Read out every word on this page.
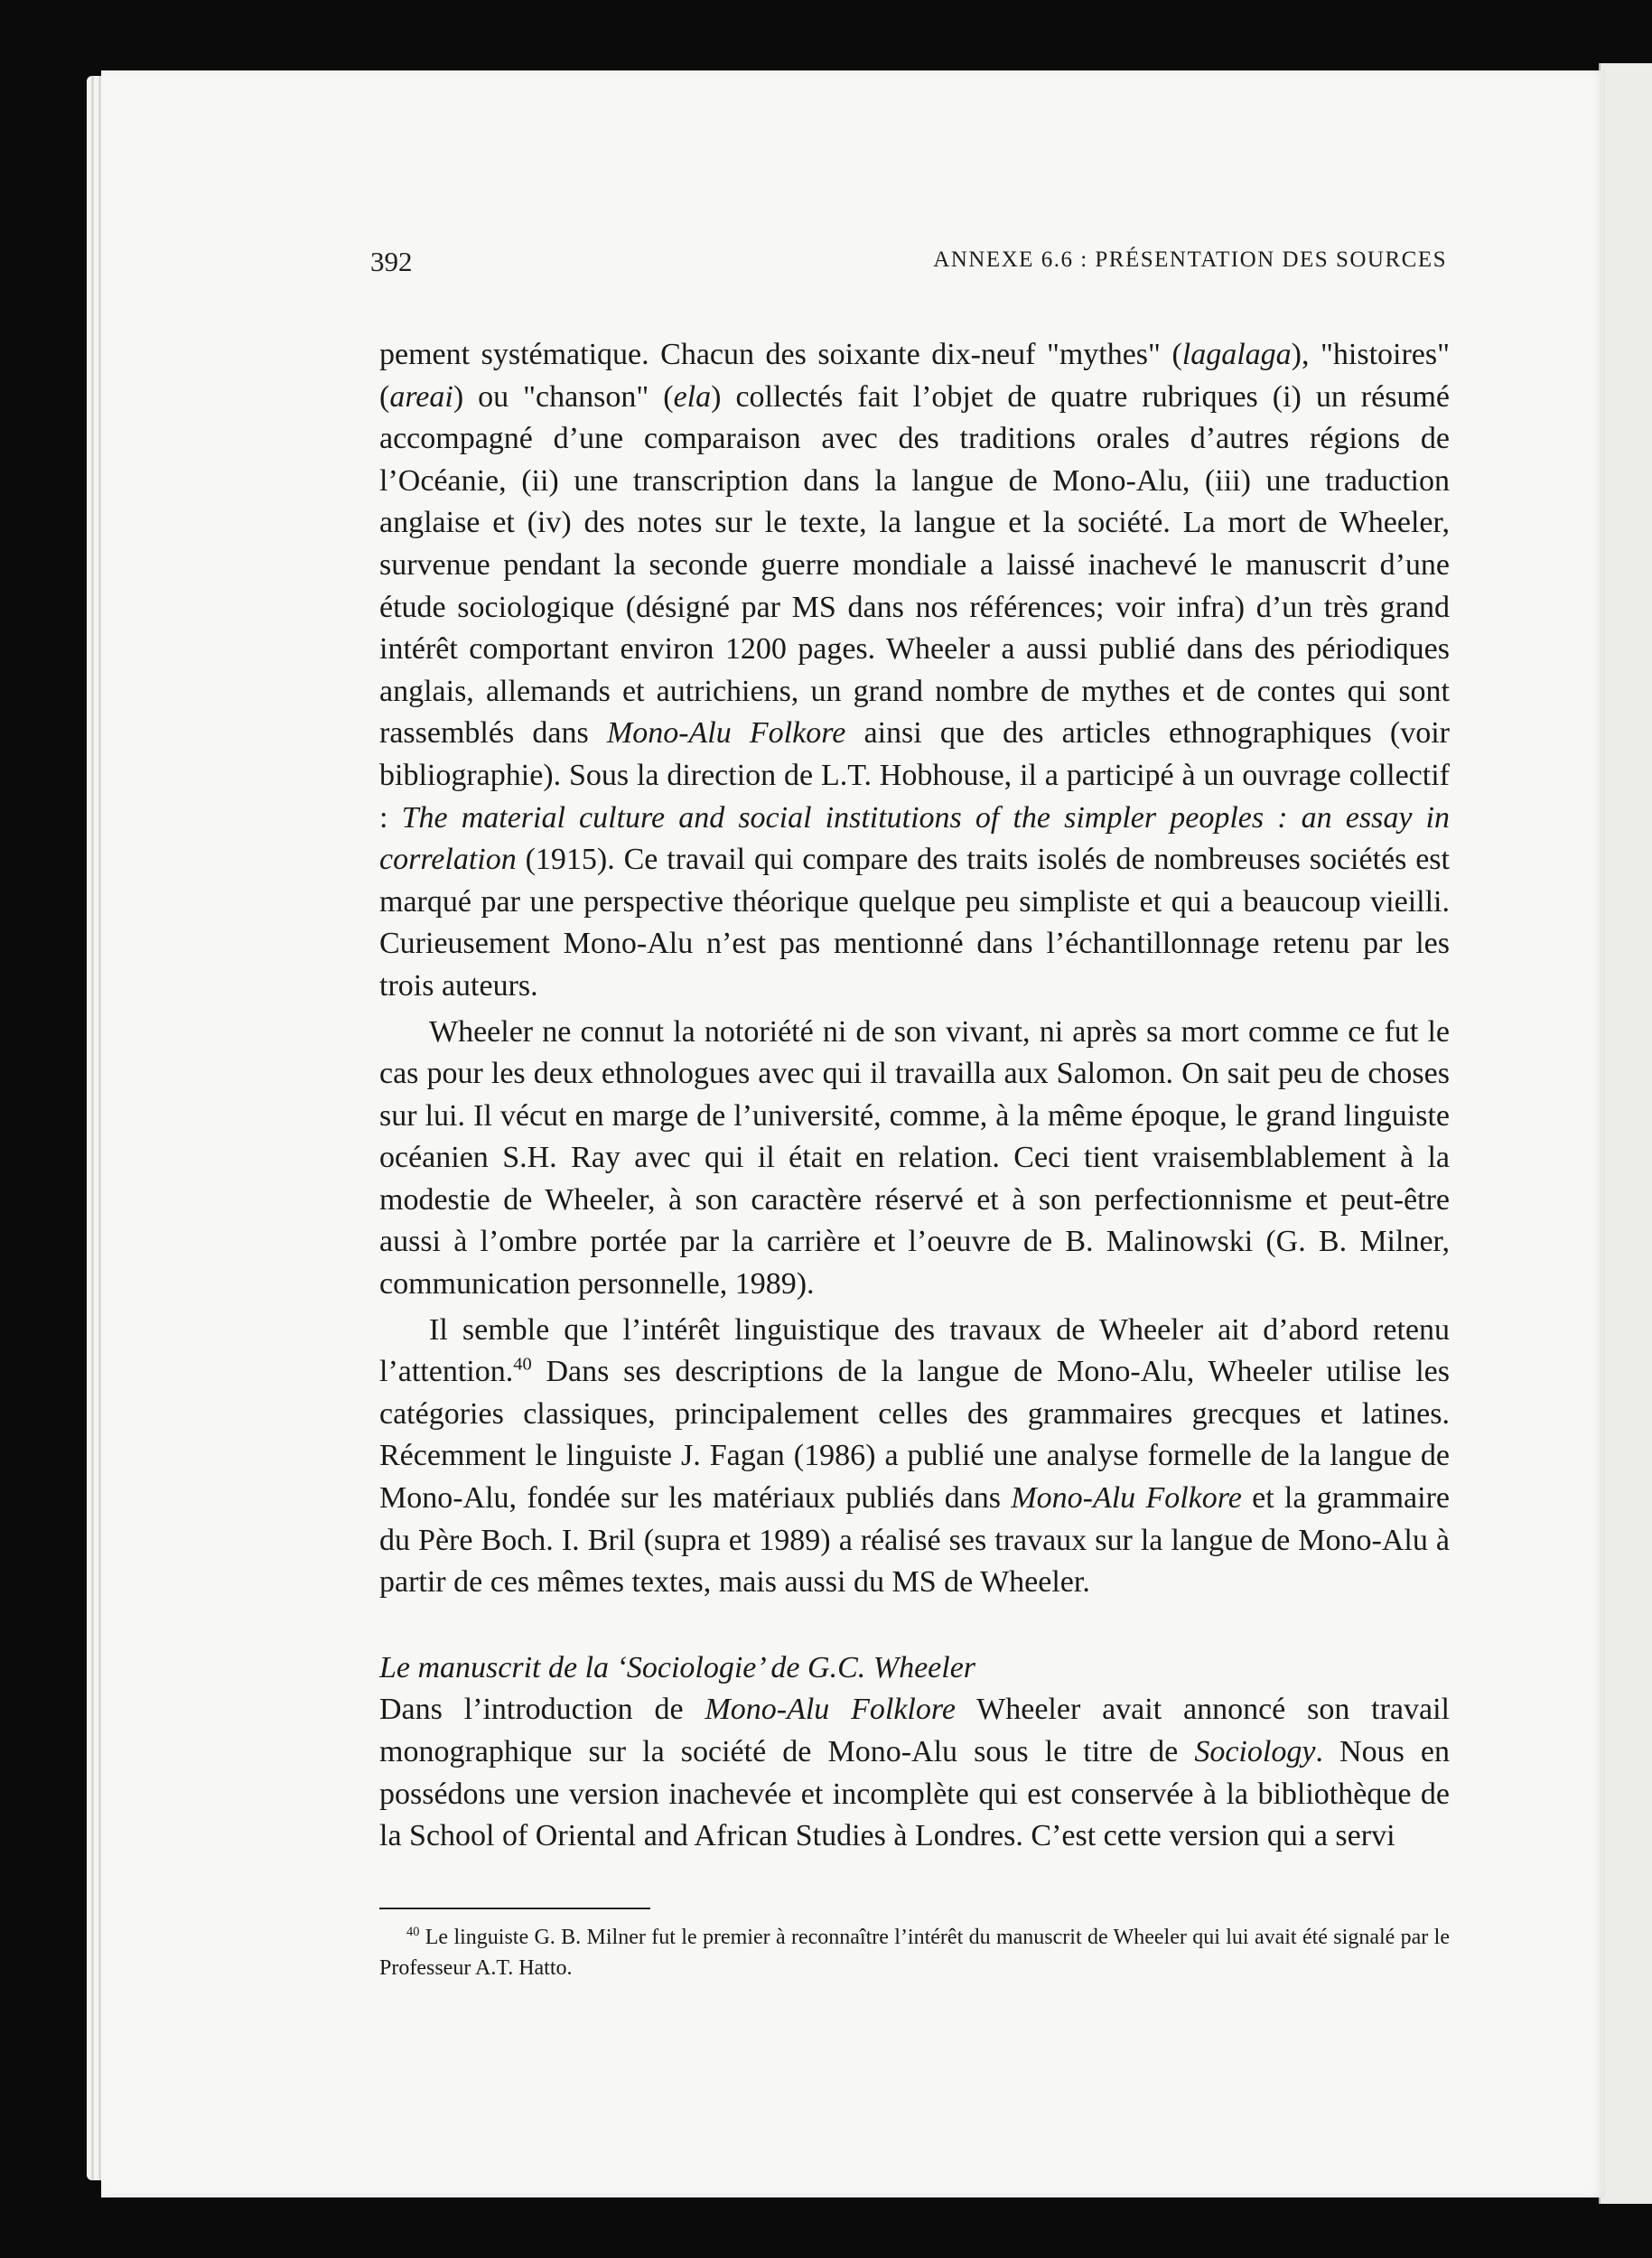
392	ANNEXE 6.6 : PRÉSENTATION DES SOURCES

pement systématique. Chacun des soixante dix-neuf "mythes" (lagalaga), "histoires" (areai) ou "chanson" (ela) collectés fait l’objet de quatre rubriques (i) un résumé accompagné d’une comparaison avec des traditions orales d’autres régions de l’Océanie, (ii) une transcription dans la langue de Mono-Alu, (iii) une traduction anglaise et (iv) des notes sur le texte, la langue et la société. La mort de Wheeler, survenue pendant la seconde guerre mondiale a laissé inachevé le manuscrit d’une étude sociologique (désigné par MS dans nos références; voir infra) d’un très grand intérêt comportant environ 1200 pages. Wheeler a aussi publié dans des périodiques anglais, allemands et autrichiens, un grand nombre de mythes et de contes qui sont rassemblés dans Mono-Alu Folkore ainsi que des articles ethnographiques (voir bibliographie). Sous la direction de L.T. Hobhouse, il a participé à un ouvrage collectif : The material culture and social institutions of the simpler peoples : an essay in correlation (1915). Ce travail qui compare des traits isolés de nombreuses sociétés est marqué par une perspective théorique quelque peu simpliste et qui a beaucoup vieilli. Curieusement Mono-Alu n’est pas mentionné dans l’échantillonnage retenu par les trois auteurs.

Wheeler ne connut la notoriété ni de son vivant, ni après sa mort comme ce fut le cas pour les deux ethnologues avec qui il travailla aux Salomon. On sait peu de choses sur lui. Il vécut en marge de l’université, comme, à la même époque, le grand linguiste océanien S.H. Ray avec qui il était en relation. Ceci tient vraisemblablement à la modestie de Wheeler, à son caractère réservé et à son perfectionnisme et peut-être aussi à l’ombre portée par la carrière et l’oeuvre de B. Malinowski (G. B. Milner, communication personnelle, 1989).

Il semble que l’intérêt linguistique des travaux de Wheeler ait d’abord retenu l’attention.$^{40}$ Dans ses descriptions de la langue de Mono-Alu, Wheeler utilise les catégories classiques, principalement celles des grammaires grecques et latines. Récemment le linguiste J. Fagan (1986) a publié une analyse formelle de la langue de Mono-Alu, fondée sur les matériaux publiés dans Mono-Alu Folkore et la grammaire du Père Boch. I. Bril (supra et 1989) a réalisé ses travaux sur la langue de Mono-Alu à partir de ces mêmes textes, mais aussi du MS de Wheeler.

Le manuscrit de la ‘Sociologie’ de G.C. Wheeler

Dans l’introduction de Mono-Alu Folklore Wheeler avait annoncé son travail monographique sur la société de Mono-Alu sous le titre de Sociology. Nous en possédons une version inachevée et incomplète qui est conservée à la bibliothèque de la School of Oriental and African Studies à Londres. C’est cette version qui a servi

$^{40}$ Le linguiste G. B. Milner fut le premier à reconnaître l’intérêt du manuscrit de Wheeler qui lui avait été signalé par le Professeur A.T. Hatto.
